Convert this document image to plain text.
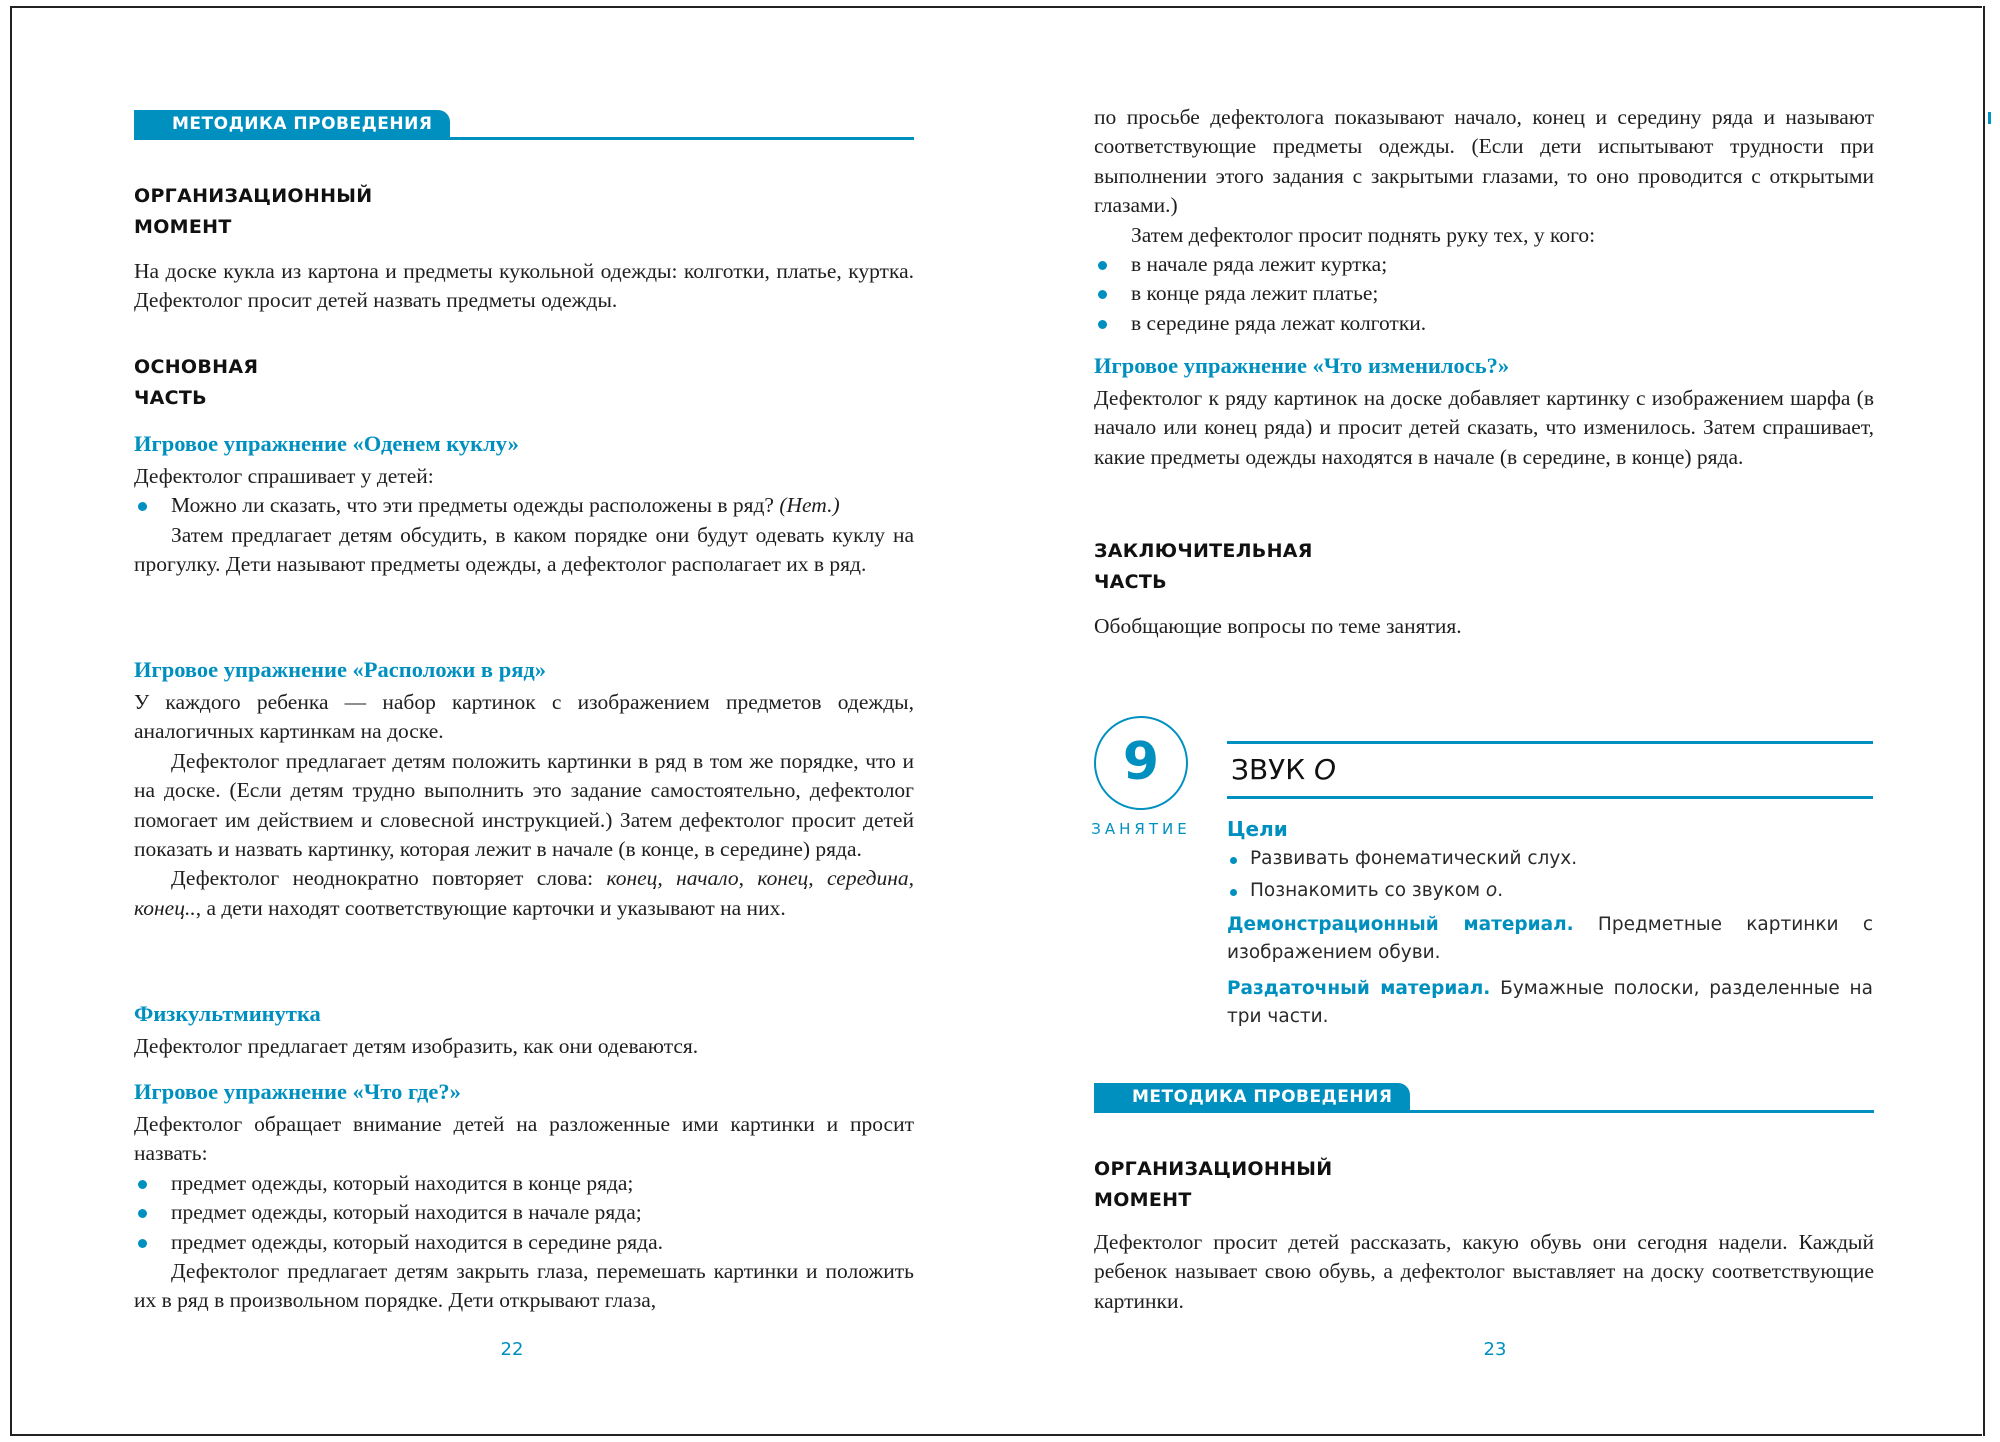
МЕТОДИКА ПРОВЕДЕНИЯ
ОРГАНИЗАЦИОННЫЙ
МОМЕНТ

На доске кукла из картона и предметы кукольной одежды: колготки, платье, куртка. Дефектолог просит детей назвать предметы одежды.

ОСНОВНАЯ
ЧАСТЬ

Игровое упражнение «Оденем куклу»

Дефектолог спрашивает у детей:

Можно ли сказать, что эти предметы одежды расположены в ряд? (Нет.)

Затем предлагает детям обсудить, в каком порядке они будут одевать куклу на прогулку. Дети называют предметы одежды, а дефектолог располагает их в ряд.

Игровое упражнение «Расположи в ряд»

У каждого ребенка — набор картинок с изображением предметов одежды, аналогичных картинкам на доске.

Дефектолог предлагает детям положить картинки в ряд в том же порядке, что и на доске. (Если детям трудно выполнить это задание самостоятельно, дефектолог помогает им действием и словесной инструкцией.) Затем дефектолог просит детей показать и назвать картинку, которая лежит в начале (в конце, в середине) ряда.

Дефектолог неоднократно повторяет слова: конец, начало, конец, середина, конец.., а дети находят соответствующие карточки и указывают на них.

Физкультминутка

Дефектолог предлагает детям изобразить, как они одеваются.

Игровое упражнение «Что где?»

Дефектолог обращает внимание детей на разложенные ими картинки и просит назвать:

предмет одежды, который находится в конце ряда;
предмет одежды, который находится в начале ряда;
предмет одежды, который находится в середине ряда.

Дефектолог предлагает детям закрыть глаза, перемешать картинки и положить их в ряд в произвольном порядке. Дети открывают глаза,

22

по просьбе дефектолога показывают начало, конец и середину ряда и называют соответствующие предметы одежды. (Если дети испытывают трудности при выполнении этого задания с закрытыми глазами, то оно проводится с открытыми глазами.)

Затем дефектолог просит поднять руку тех, у кого:

в начале ряда лежит куртка;
в конце ряда лежит платье;
в середине ряда лежат колготки.

Игровое упражнение «Что изменилось?»

Дефектолог к ряду картинок на доске добавляет картинку с изображением шарфа (в начало или конец ряда) и просит детей сказать, что изменилось. Затем спрашивает, какие предметы одежды находятся в начале (в середине, в конце) ряда.

ЗАКЛЮЧИТЕЛЬНАЯ
ЧАСТЬ

Обобщающие вопросы по теме занятия.

9
ЗАНЯТИЕ
ЗВУК О
Цели
Развивать фонематический слух.
Познакомить со звуком о.
Демонстрационный материал. Предметные картинки с изображением обуви.
Раздаточный материал. Бумажные полоски, разделенные на три части.
МЕТОДИКА ПРОВЕДЕНИЯ
ОРГАНИЗАЦИОННЫЙ
МОМЕНТ

Дефектолог просит детей рассказать, какую обувь они сегодня надели. Каждый ребенок называет свою обувь, а дефектолог выставляет на доску соответствующие картинки.

23
